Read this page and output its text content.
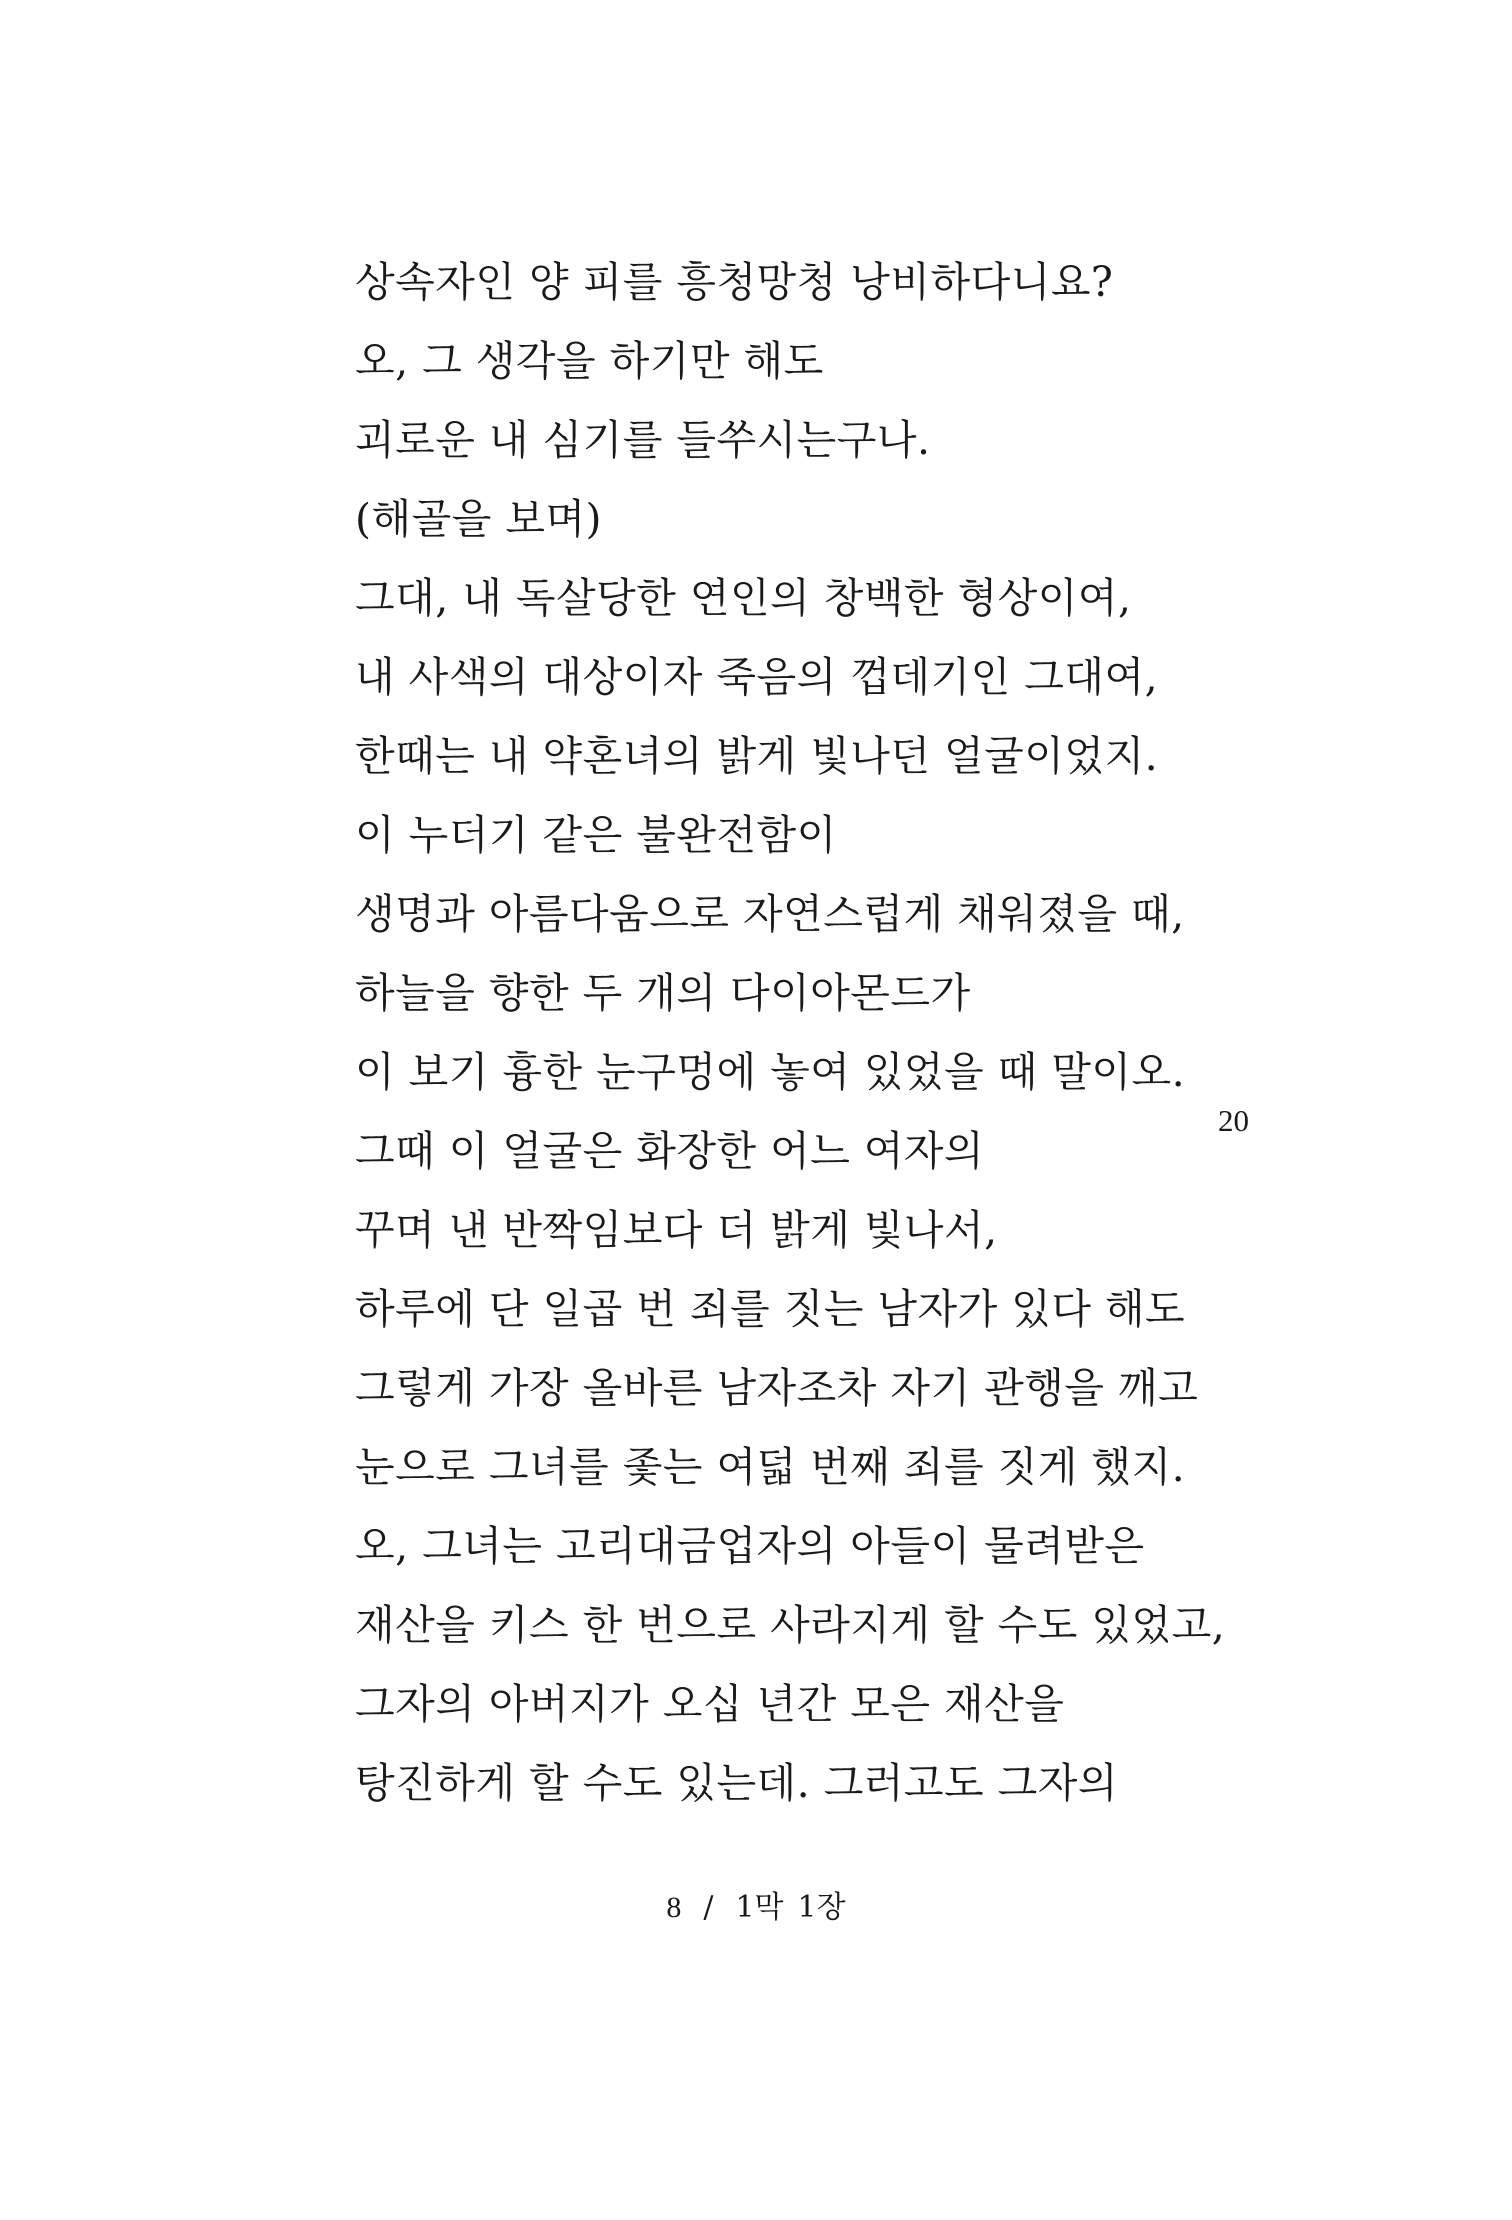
상속자인 양 피를 흥청망청 낭비하다니요?
오, 그 생각을 하기만 해도
괴로운 내 심기를 들쑤시는구나.
(해골을 보며)
그대, 내 독살당한 연인의 창백한 형상이여,
내 사색의 대상이자 죽음의 껍데기인 그대여,
한때는 내 약혼녀의 밝게 빛나던 얼굴이었지.
이 누더기 같은 불완전함이
생명과 아름다움으로 자연스럽게 채워졌을 때,
하늘을 향한 두 개의 다이아몬드가
이 보기 흉한 눈구멍에 놓여 있었을 때 말이오.
그때 이 얼굴은 화장한 어느 여자의
꾸며 낸 반짝임보다 더 밝게 빛나서,
하루에 단 일곱 번 죄를 짓는 남자가 있다 해도
그렇게 가장 올바른 남자조차 자기 관행을 깨고
눈으로 그녀를 좇는 여덟 번째 죄를 짓게 했지.
오, 그녀는 고리대금업자의 아들이 물려받은
재산을 키스 한 번으로 사라지게 할 수도 있었고,
그자의 아버지가 오십 년간 모은 재산을
탕진하게 할 수도 있는데. 그러고도 그자의
20
8 / 1막 1장
